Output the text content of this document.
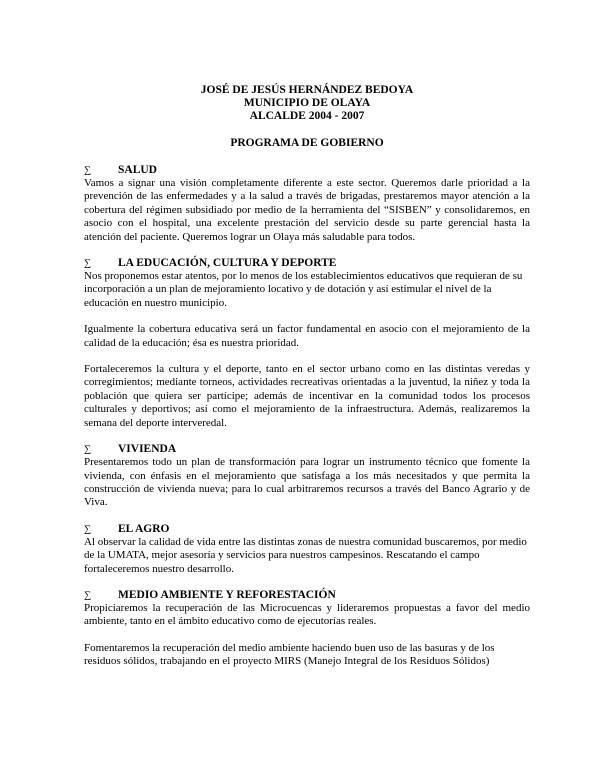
JOSÉ DE JESÚS HERNÁNDEZ BEDOYA
MUNICIPIO DE OLAYA
ALCALDE 2004 - 2007
PROGRAMA DE GOBIERNO
∑	SALUD

Vamos a signar una visión completamente diferente a este sector. Queremos darle prioridad a la prevención de las enfermedades y a la salud a través de brigadas, prestaremos mayor atención a la cobertura del régimen subsidiado por medio de la herramienta del “SISBEN” y consolidaremos, en asocio con el hospital, una excelente prestación del servicio desde su parte gerencial hasta la atención del paciente. Queremos lograr un Olaya más saludable para todos.

∑	LA EDUCACIÓN, CULTURA Y DEPORTE

Nos proponemos estar atentos, por lo menos de los establecimientos educativos que requieran de su incorporación a un plan de mejoramiento locativo y de dotación y así estimular el nivel de la educación en nuestro municipio.

Igualmente la cobertura educativa será un factor fundamental en asocio con el mejoramiento de la calidad de la educación; ésa es nuestra prioridad.

Fortaleceremos la cultura y el deporte, tanto en el sector urbano como en las distintas veredas y corregimientos; mediante torneos, actividades recreativas orientadas a la juventud, la niñez y toda la población que quiera ser partícipe; además de incentivar en la comunidad todos los procesos culturales y deportivos; así como el mejoramiento de la infraestructura. Además, realizaremos la semana del deporte interveredal.

∑	VIVIENDA

Presentaremos todo un plan de transformación para lograr un instrumento técnico que fomente la vivienda, con énfasis en el mejoramiento que satisfaga a los más necesitados y que permita la construcción de vivienda nueva; para lo cual arbitraremos recursos a través del Banco Agrario y de Viva.

∑	EL AGRO

Al observar la calidad de vida entre las distintas zonas de nuestra comunidad buscaremos, por medio de la UMATA, mejor asesoría y servicios para nuestros campesinos. Rescatando el campo fortaleceremos nuestro desarrollo.

∑	MEDIO AMBIENTE Y REFORESTACIÓN

Propiciaremos la recuperación de las Microcuencas y lideraremos propuestas a favor del medio ambiente, tanto en el ámbito educativo como de ejecutorías reales.

Fomentaremos la recuperación del medio ambiente haciendo buen uso de las basuras y de los residuos sólidos, trabajando en el proyecto MIRS (Manejo Integral de los Residuos Sólidos)
